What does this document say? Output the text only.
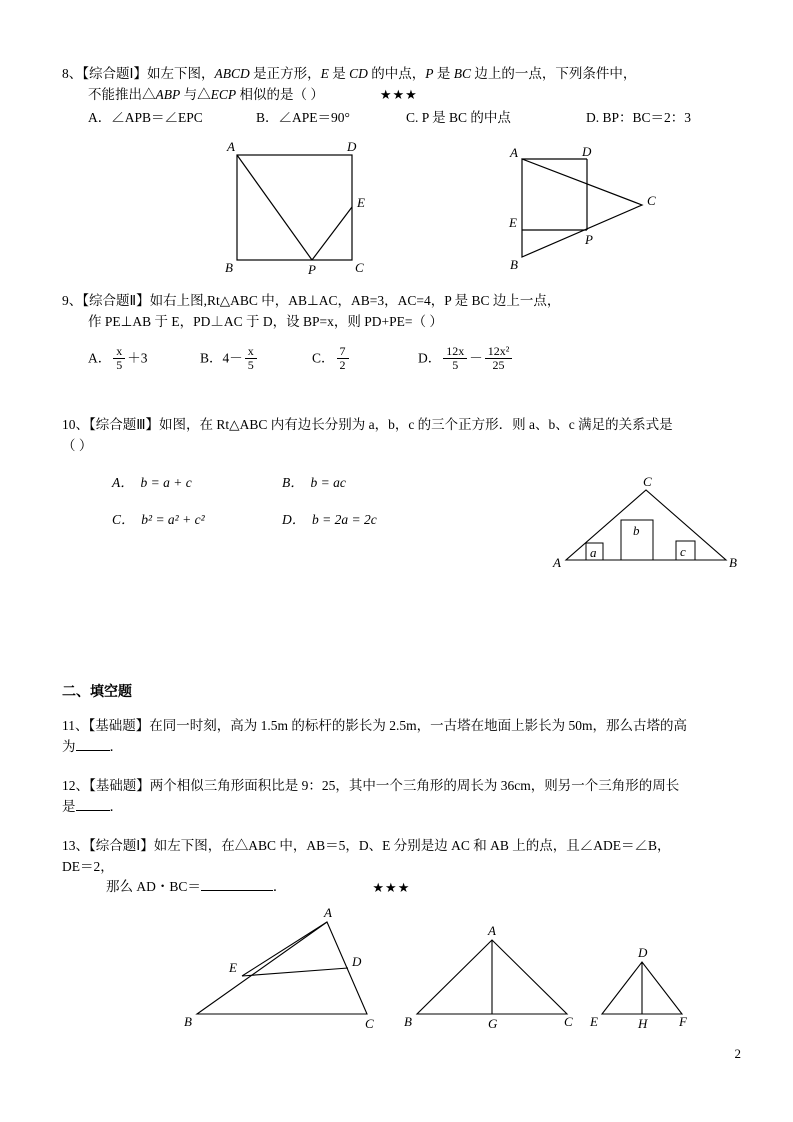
8、【综合题Ⅰ】如左下图，ABCD 是正方形，E 是 CD 的中点，P 是 BC 边上的一点，下列条件中，
不能推出△ABP 与△ECP 相似的是（ ）	★★★
A．∠APB＝∠EPC	B．∠APE＝90°	C. P 是 BC 的中点	D. BP：BC＝2：3
A	D
E
B	P	C
A	D
C
E
P
B
9、【综合题Ⅱ】如右上图,Rt△ABC 中，AB⊥AC，AB=3，AC=4，P 是 BC 边上一点，
作 PE⊥AB 于 E，PD⊥AC 于 D，设 BP=x，则 PD+PE=（ ）
A． $\frac{x}{5} +3$	B．$4- \frac{x}{5}$	C． $\frac{7}{2}$	D． $\frac{12x}{5} - \frac{\text{12x²}}{25}$
10、【综合题Ⅲ】如图，在 Rt△ABC 内有边长分别为 a，b，c 的三个正方形．则 a、b、c 满足的关系式是
（ ）
A． b = a + c	B． b = ac
C． b² = a² + c²	D． b = 2a = 2c
C
b
a	c
A	B
二、填空题
11、【基础题】在同一时刻，高为 1.5m 的标杆的影长为 2.5m，一古塔在地面上影长为 50m，那么古塔的高
为	．
12、【基础题】两个相似三角形面积比是 9：25，其中一个三角形的周长为 36cm，则另一个三角形的周长
是	．
13、【综合题Ⅰ】如左下图，在△ABC 中，AB＝5，D、E 分别是边 AC 和 AB 上的点，且∠ADE＝∠B，
DE＝2，
那么 AD・BC＝	．	★★★
A
E	D
B	C
A
B	G	C
D
E	H F
2
